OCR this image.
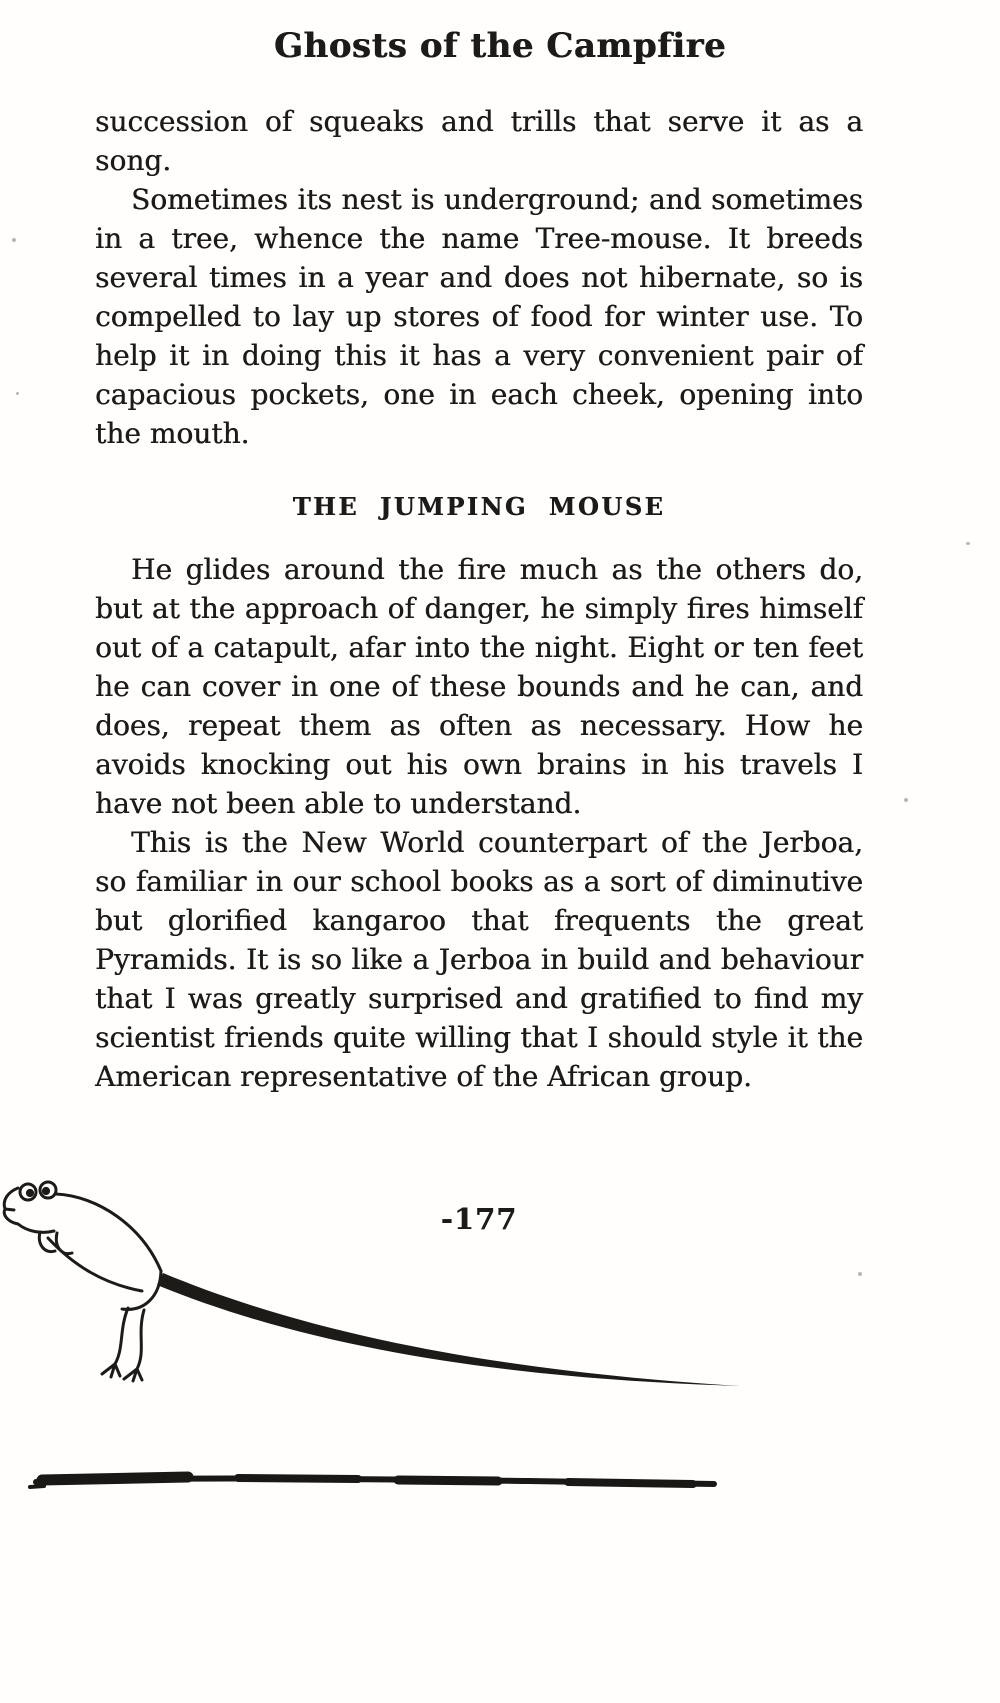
Ghosts of the Campfire

succession of squeaks and trills that serve it as a song.

Sometimes its nest is underground; and sometimes in a tree, whence the name Tree-mouse. It breeds several times in a year and does not hibernate, so is compelled to lay up stores of food for winter use. To help it in doing this it has a very convenient pair of capacious pockets, one in each cheek, opening into the mouth.

THE JUMPING MOUSE

He glides around the fire much as the others do, but at the approach of danger, he simply fires himself out of a catapult, afar into the night. Eight or ten feet he can cover in one of these bounds and he can, and does, repeat them as often as necessary. How he avoids knocking out his own brains in his travels I have not been able to understand.

This is the New World counterpart of the Jerboa, so familiar in our school books as a sort of diminutive but glorified kangaroo that frequents the great Pyramids. It is so like a Jerboa in build and behaviour that I was greatly surprised and gratified to find my scientist friends quite willing that I should style it the American representative of the African group.

-177
